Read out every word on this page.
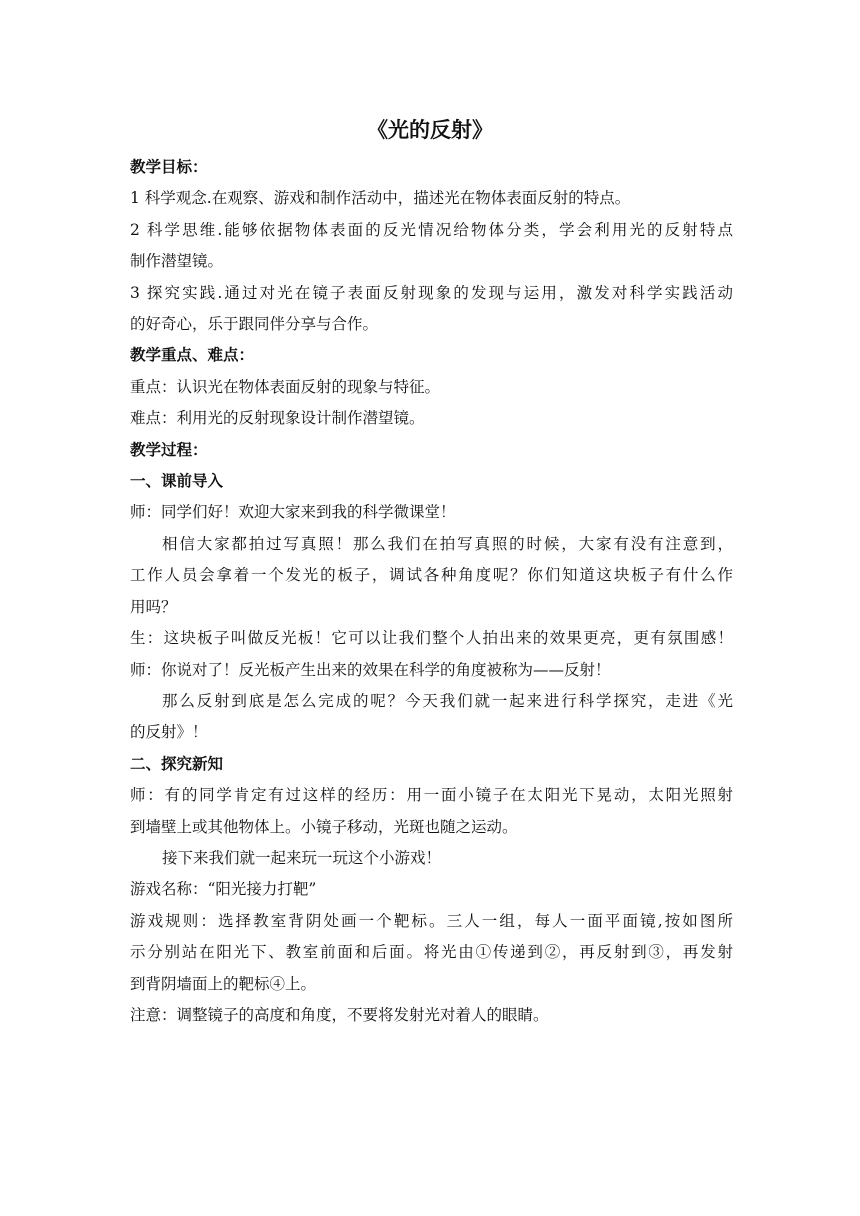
《光的反射》
教学目标：
1 科学观念.在观察、游戏和制作活动中，描述光在物体表面反射的特点。
2 科学思维.能够依据物体表面的反光情况给物体分类，学会利用光的反射特点
制作潜望镜。
3 探究实践.通过对光在镜子表面反射现象的发现与运用，激发对科学实践活动
的好奇心，乐于跟同伴分享与合作。
教学重点、难点：
重点：认识光在物体表面反射的现象与特征。
难点：利用光的反射现象设计制作潜望镜。
教学过程：
一、课前导入
师：同学们好！欢迎大家来到我的科学微课堂！
相信大家都拍过写真照！那么我们在拍写真照的时候，大家有没有注意到，
工作人员会拿着一个发光的板子，调试各种角度呢？你们知道这块板子有什么作
用吗？
生：这块板子叫做反光板！它可以让我们整个人拍出来的效果更亮，更有氛围感！
师：你说对了！反光板产生出来的效果在科学的角度被称为——反射！
那么反射到底是怎么完成的呢？今天我们就一起来进行科学探究，走进《光
的反射》！
二、探究新知
师：有的同学肯定有过这样的经历：用一面小镜子在太阳光下晃动，太阳光照射
到墙壁上或其他物体上。小镜子移动，光斑也随之运动。
接下来我们就一起来玩一玩这个小游戏！
游戏名称：“阳光接力打靶”
游戏规则：选择教室背阴处画一个靶标。三人一组，每人一面平面镜,按如图所
示分别站在阳光下、教室前面和后面。将光由①传递到②，再反射到③，再发射
到背阴墙面上的靶标④上。
注意：调整镜子的高度和角度，不要将发射光对着人的眼睛。
